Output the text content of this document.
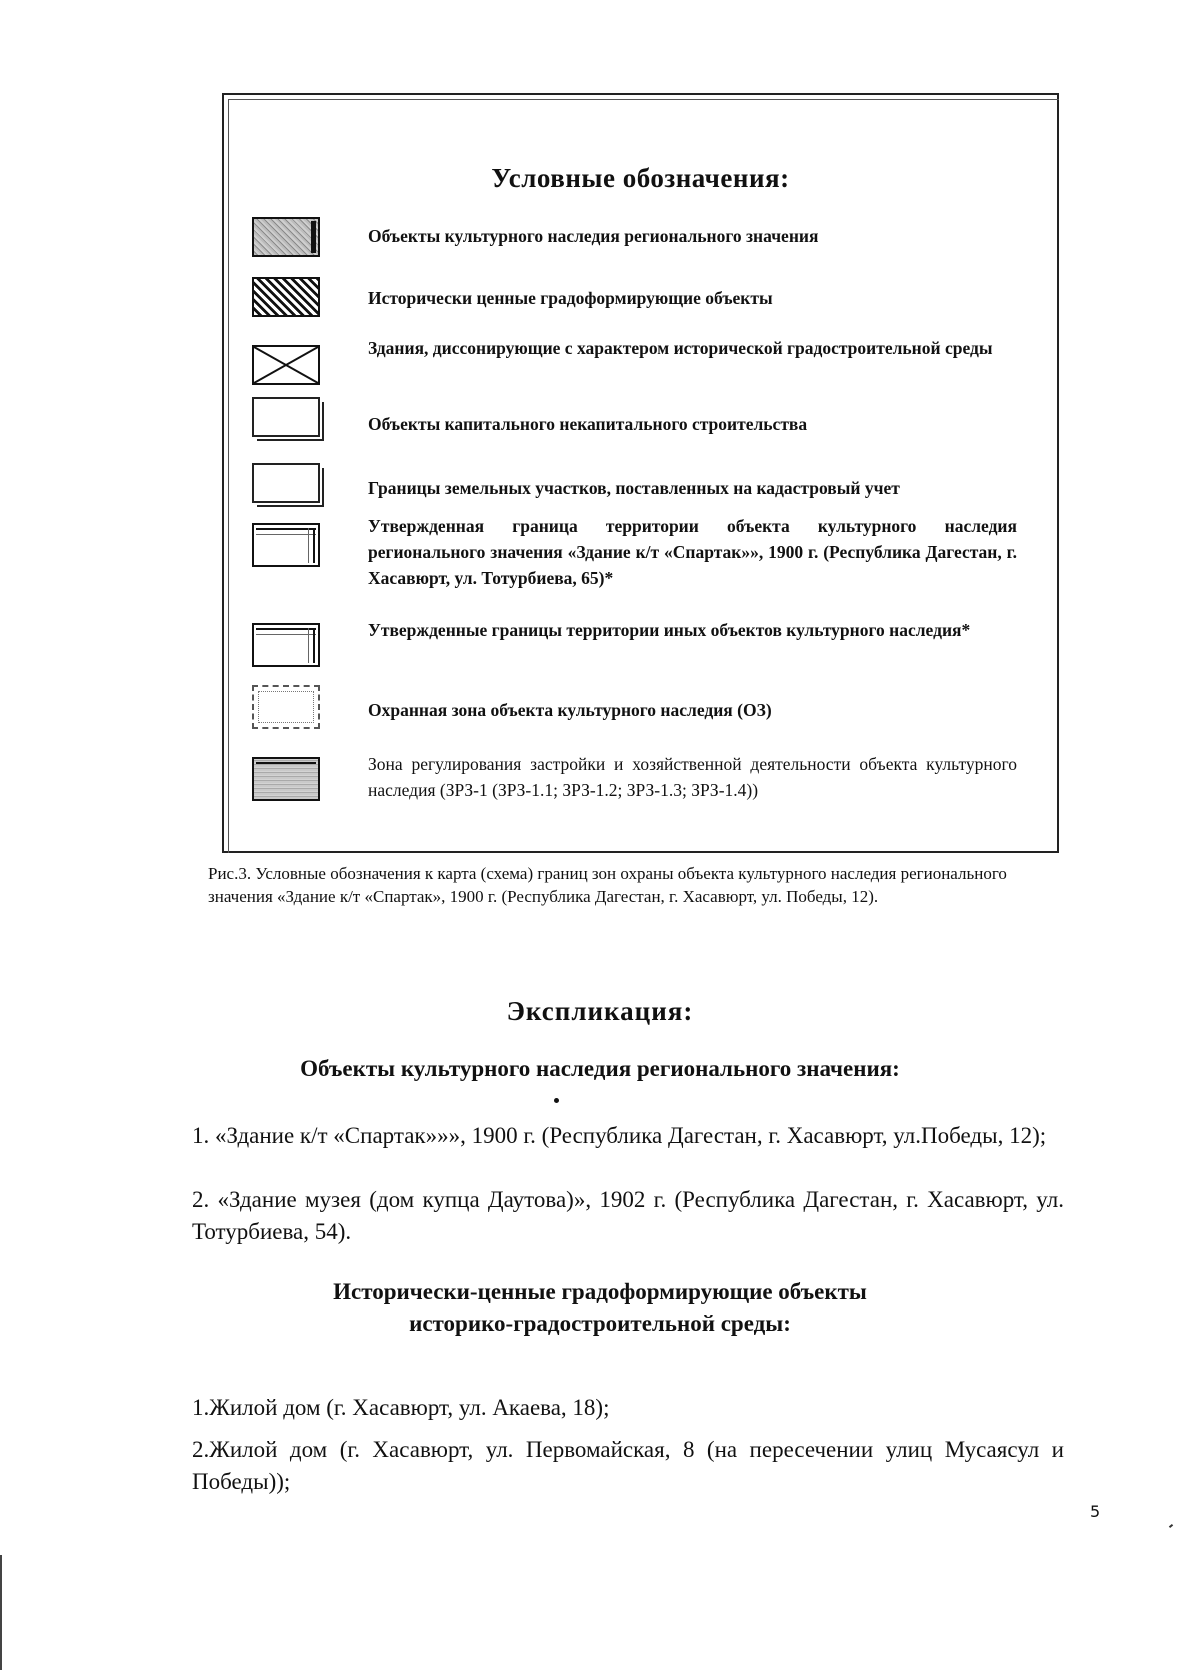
Условные обозначения:
Объекты культурного наследия регионального значения
Исторически ценные градоформирующие объекты
Здания, диссонирующие с характером исторической градостроительной среды
Объекты капитального некапитального строительства
Границы земельных участков, поставленных на кадастровый учет
Утвержденная граница территории объекта культурного наследия регионального значения «Здание к/т «Спартак»», 1900 г. (Республика Дагестан, г. Хасавюрт, ул. Тотурбиева, 65)*
Утвержденные границы территории иных объектов культурного наследия*
Охранная зона объекта культурного наследия (ОЗ)
Зона регулирования застройки и хозяйственной деятельности объекта культурного наследия (ЗРЗ-1 (ЗРЗ-1.1; ЗРЗ-1.2; ЗРЗ-1.3; ЗРЗ-1.4))
Рис.3. Условные обозначения к карта (схема) границ зон охраны объекта культурного наследия регионального значения «Здание к/т «Спартак», 1900 г. (Республика Дагестан, г. Хасавюрт, ул. Победы, 12).
Экспликация:
Объекты культурного наследия регионального значения:
1. «Здание к/т «Спартак»»», 1900 г. (Республика Дагестан, г. Хасавюрт, ул.Победы, 12);
2. «Здание музея (дом купца Даутова)», 1902 г. (Республика Дагестан, г. Хасавюрт, ул. Тотурбиева, 54).
Исторически-ценные градоформирующие объекты
историко-градостроительной среды:
1.Жилой дом (г. Хасавюрт, ул. Акаева, 18);
2.Жилой дом (г. Хасавюрт, ул. Первомайская, 8 (на пересечении улиц Мусаясул и Победы));
5
